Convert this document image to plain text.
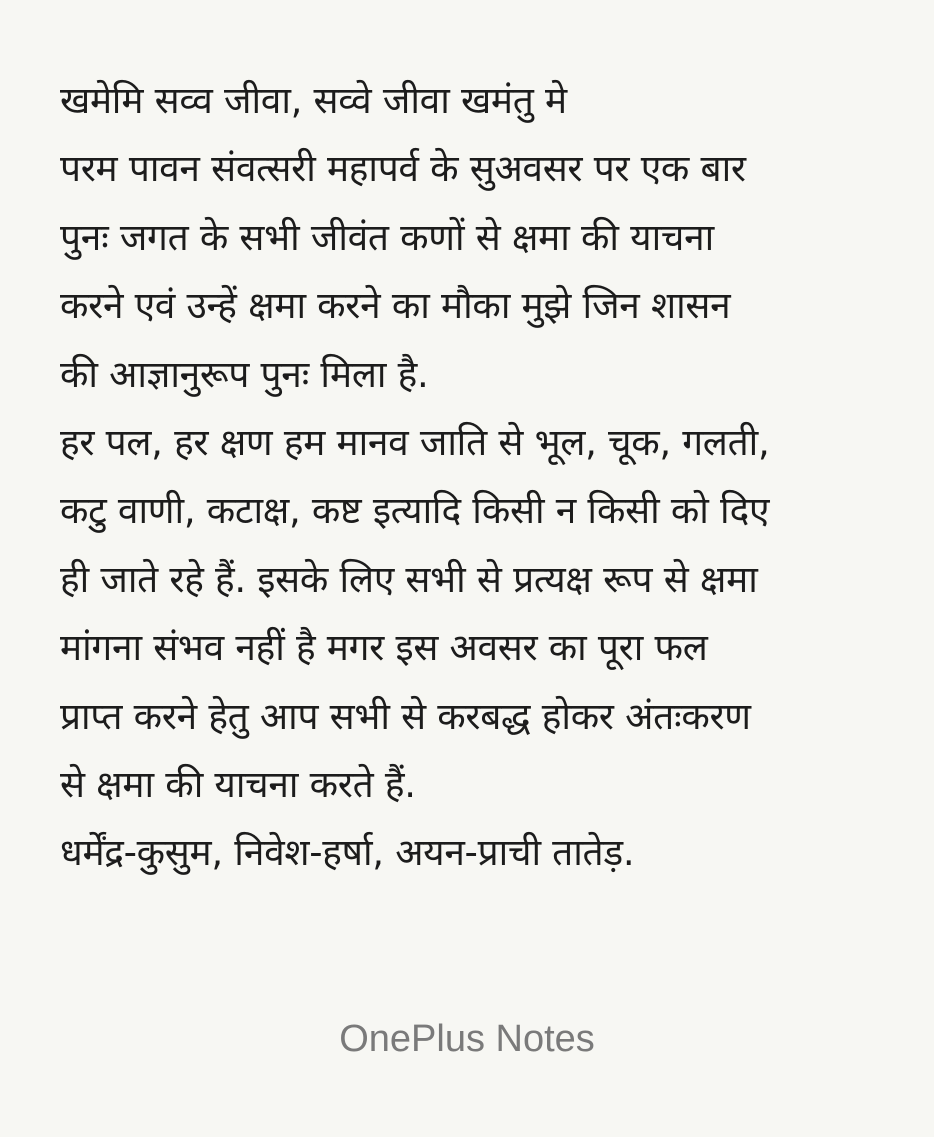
खमेमि सव्व जीवा, सव्वे जीवा खमंतु मे
परम पावन संवत्सरी महापर्व के सुअवसर पर एक बार
पुनः जगत के सभी जीवंत कणों से क्षमा की याचना
करने एवं उन्हें क्षमा करने का मौका मुझे जिन शासन
की आज्ञानुरूप पुनः मिला है.
हर पल, हर क्षण हम मानव जाति से भूल, चूक, गलती,
कटु वाणी, कटाक्ष, कष्ट इत्यादि किसी न किसी को दिए
ही जाते रहे हैं. इसके लिए सभी से प्रत्यक्ष रूप से क्षमा
मांगना संभव नहीं है मगर इस अवसर का पूरा फल
प्राप्त करने हेतु आप सभी से करबद्ध होकर अंतःकरण
से क्षमा की याचना करते हैं.
धर्मेंद्र-कुसुम, निवेश-हर्षा, अयन-प्राची तातेड़.
OnePlus Notes
